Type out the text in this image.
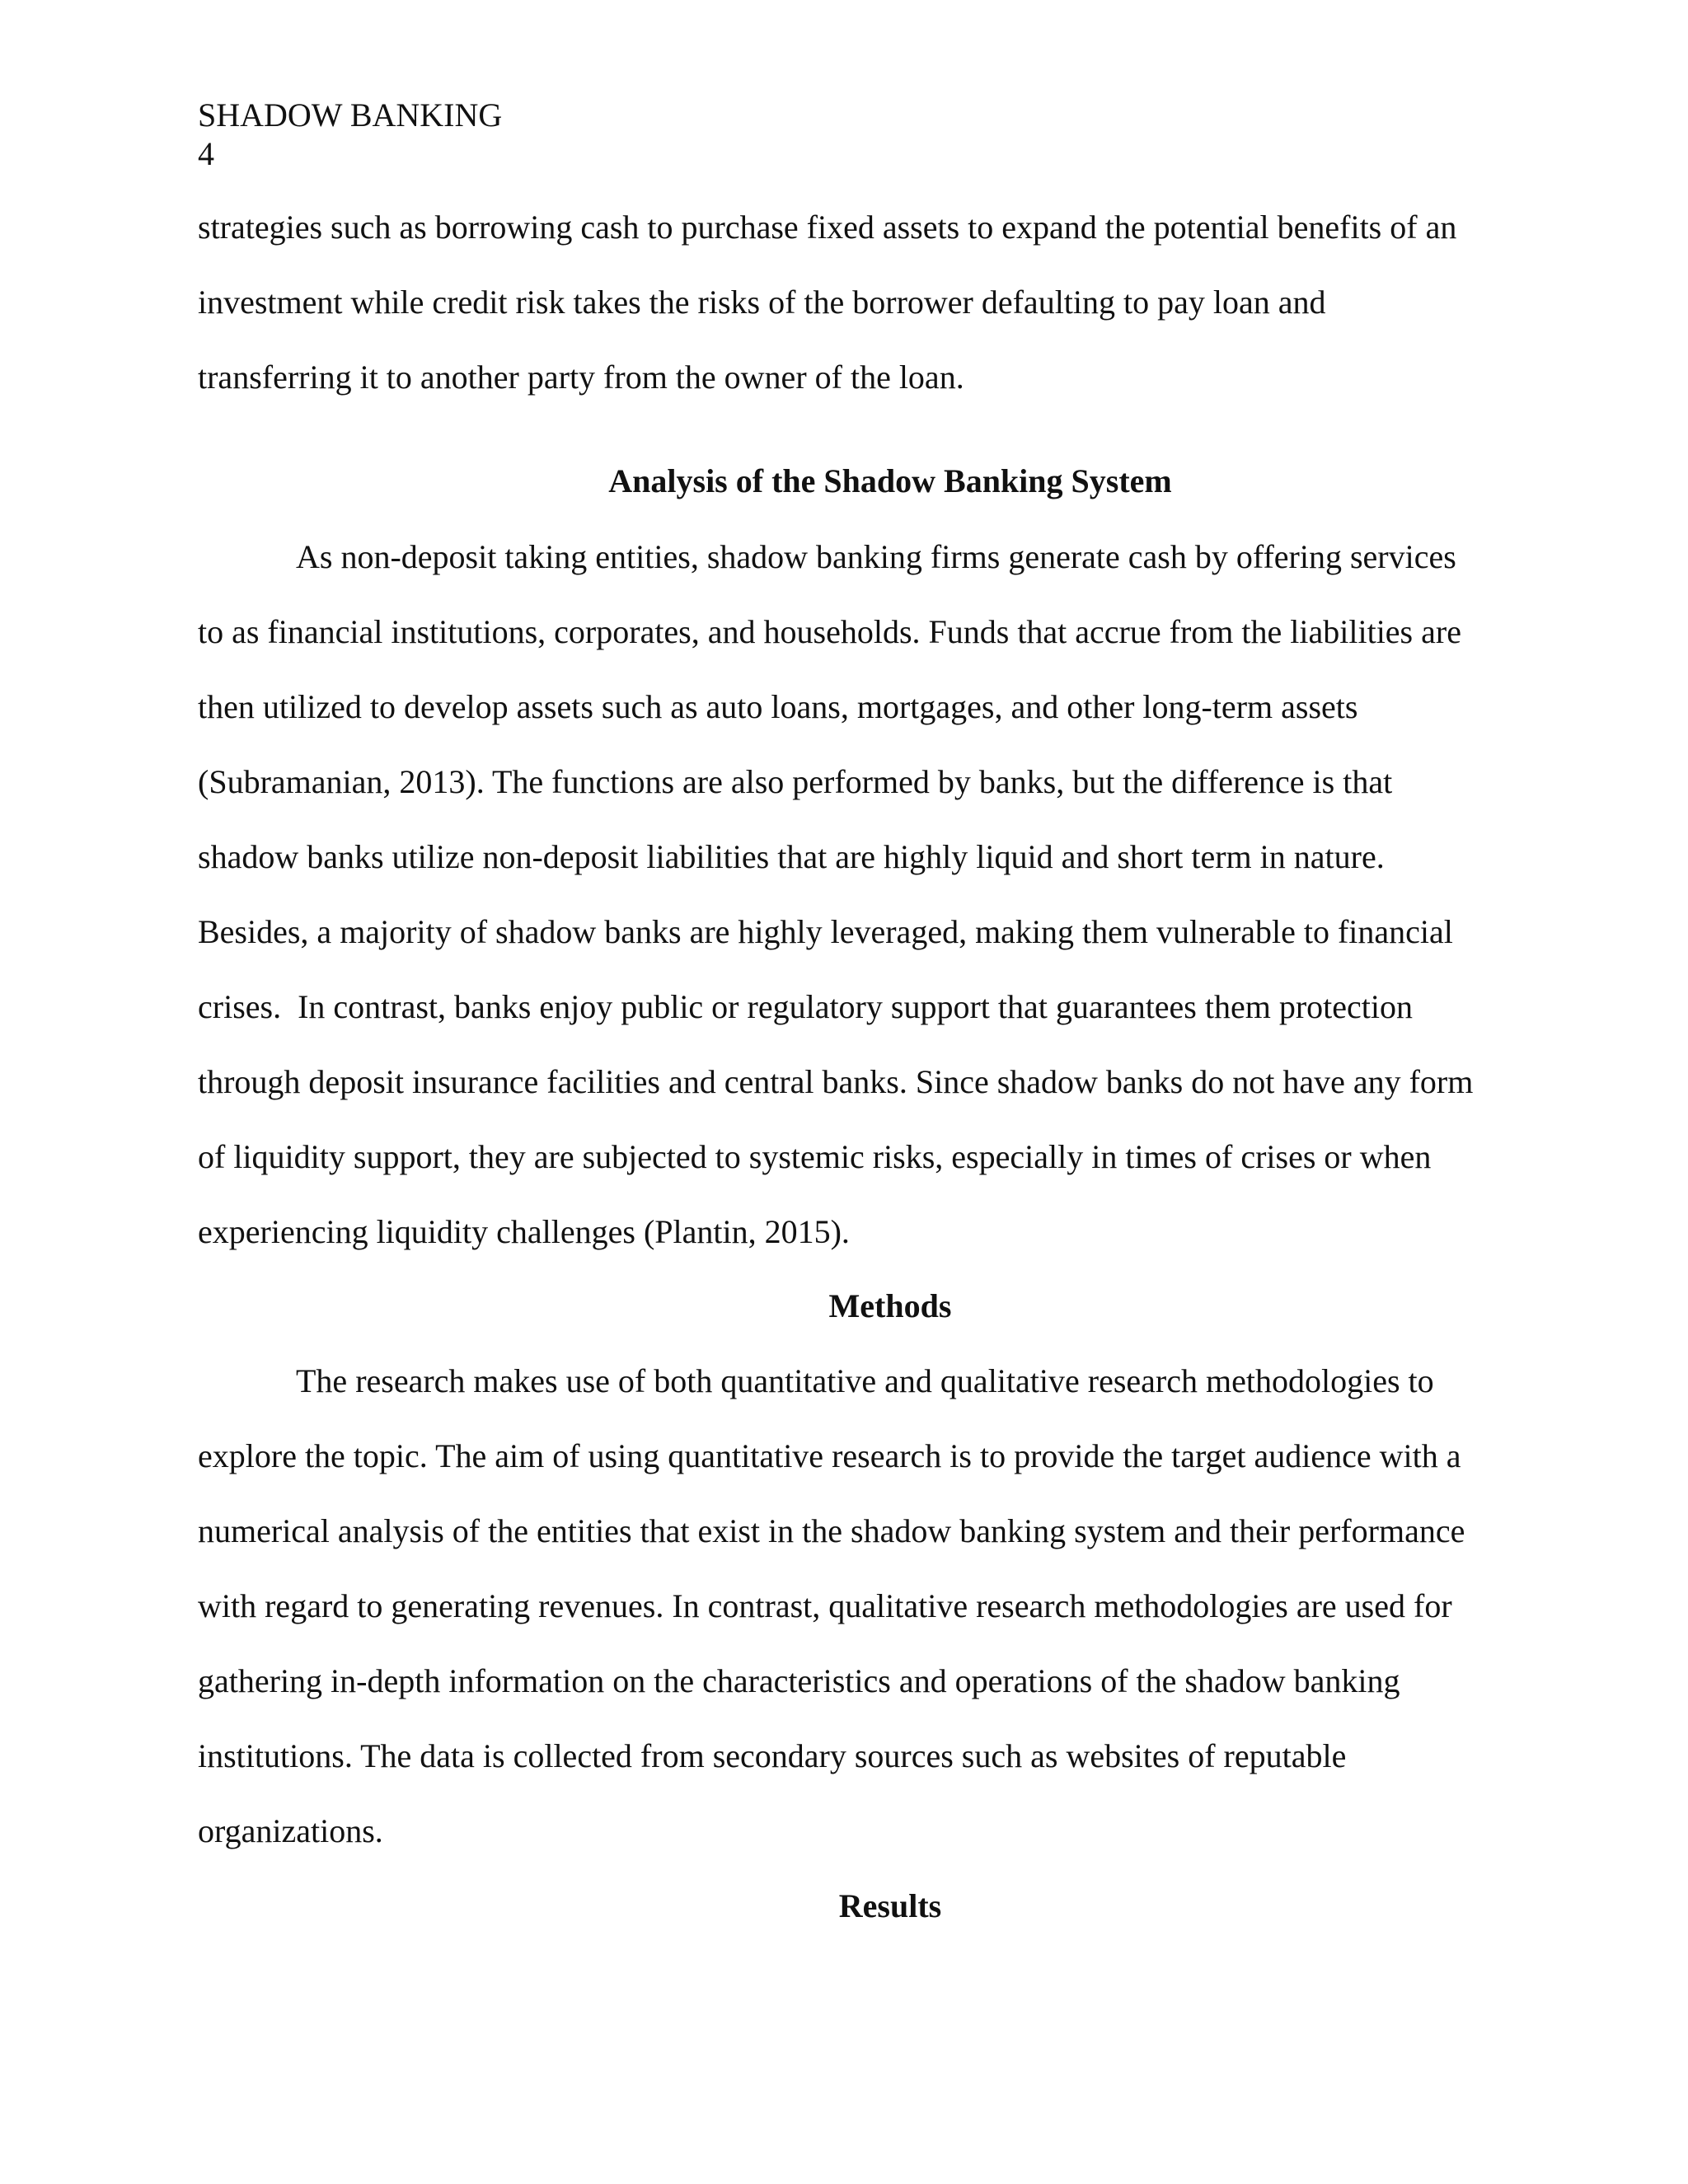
SHADOW BANKING
4
strategies such as borrowing cash to purchase fixed assets to expand the potential benefits of an
investment while credit risk takes the risks of the borrower defaulting to pay loan and
transferring it to another party from the owner of the loan.
Analysis of the Shadow Banking System
As non-deposit taking entities, shadow banking firms generate cash by offering services
to as financial institutions, corporates, and households. Funds that accrue from the liabilities are
then utilized to develop assets such as auto loans, mortgages, and other long-term assets
(Subramanian, 2013). The functions are also performed by banks, but the difference is that
shadow banks utilize non-deposit liabilities that are highly liquid and short term in nature.
Besides, a majority of shadow banks are highly leveraged, making them vulnerable to financial
crises.  In contrast, banks enjoy public or regulatory support that guarantees them protection
through deposit insurance facilities and central banks. Since shadow banks do not have any form
of liquidity support, they are subjected to systemic risks, especially in times of crises or when
experiencing liquidity challenges (Plantin, 2015).
Methods
The research makes use of both quantitative and qualitative research methodologies to
explore the topic. The aim of using quantitative research is to provide the target audience with a
numerical analysis of the entities that exist in the shadow banking system and their performance
with regard to generating revenues. In contrast, qualitative research methodologies are used for
gathering in-depth information on the characteristics and operations of the shadow banking
institutions. The data is collected from secondary sources such as websites of reputable
organizations.
Results
